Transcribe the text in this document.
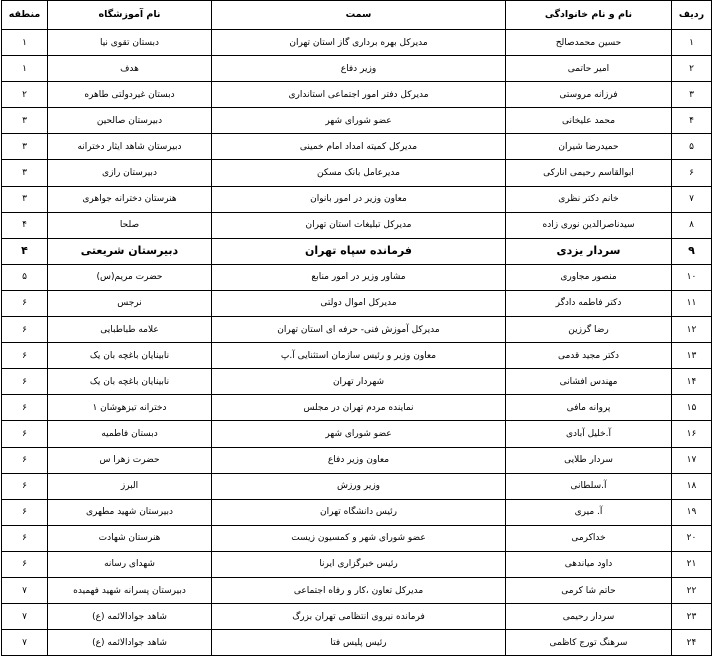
ردیف	نام و نام خانوادگی	سمت	نام آموزشگاه	منطقه
۱	حسین محمدصالح	مدیرکل بهره برداری گاز استان تهران	دبستان تقوی نیا	۱
۲	امیر حاتمی	وزیر دفاع	هدف	۱
۳	فرزانه مروستی	مدیرکل دفتر امور اجتماعی استانداری	دبستان غیردولتی طاهره	۲
۴	محمد علیخانی	عضو شورای شهر	دبیرستان صالحین	۳
۵	حمیدرضا شیران	مدیرکل کمیته امداد امام خمینی	دبیرستان شاهد ایثار دخترانه	۳
۶	ابوالقاسم رحیمی انارکی	مدیرعامل بانک مسکن	دبیرستان رازی	۳
۷	خانم دکتر نظری	معاون وزیر در امور بانوان	هنرستان دخترانه جواهری	۳
۸	سیدناصرالدین نوری زاده	مدیرکل تبلیغات استان تهران	صلحا	۴
۹	سردار یزدی	فرمانده سپاه تهران	دبیرستان شریعتی	۴
۱۰	منصور مجاوری	مشاور وزیر در امور منابع	حضرت مریم(س)	۵
۱۱	دکتر فاطمه دادگر	مدیرکل اموال دولتی	نرجس	۶
۱۲	رضا گرزین	مدیرکل آموزش فنی- حرفه ای استان تهران	علامه طباطبایی	۶
۱۳	دکتر مجید قدمی	معاون وزیر و رئیس سازمان استثنایی آ.پ	نابینایان باغچه بان یک	۶
۱۴	مهندس افشانی	شهردار تهران	نابینایان باغچه بان یک	۶
۱۵	پروانه مافی	نماینده مردم تهران در مجلس	دخترانه تیزهوشان ۱	۶
۱۶	آ.خلیل آبادی	عضو شورای شهر	دبستان فاطمیه	۶
۱۷	سردار طلایی	معاون وزیر دفاع	حضرت زهرا س	۶
۱۸	آ.سلطانی	وزیر ورزش	البرز	۶
۱۹	آ. میری	رئیس دانشگاه تهران	دبیرستان شهید مطهری	۶
۲۰	خداکرمی	عضو شورای شهر و کمسیون زیست	هنرستان شهادت	۶
۲۱	داود میاندهی	رئیس خبرگزاری ایرنا	شهدای رسانه	۶
۲۲	حاتم شا کرمی	مدیرکل تعاون ،کار و رفاه اجتماعی	دبیرستان پسرانه شهید فهمیده	۷
۲۳	سردار رحیمی	فرمانده نیروی انتظامی تهران بزرگ	شاهد جوادالائمه (ع)	۷
۲۴	سرهنگ تورج کاظمی	رئیس پلیس فتا	شاهد جوادالائمه (ع)	۷
